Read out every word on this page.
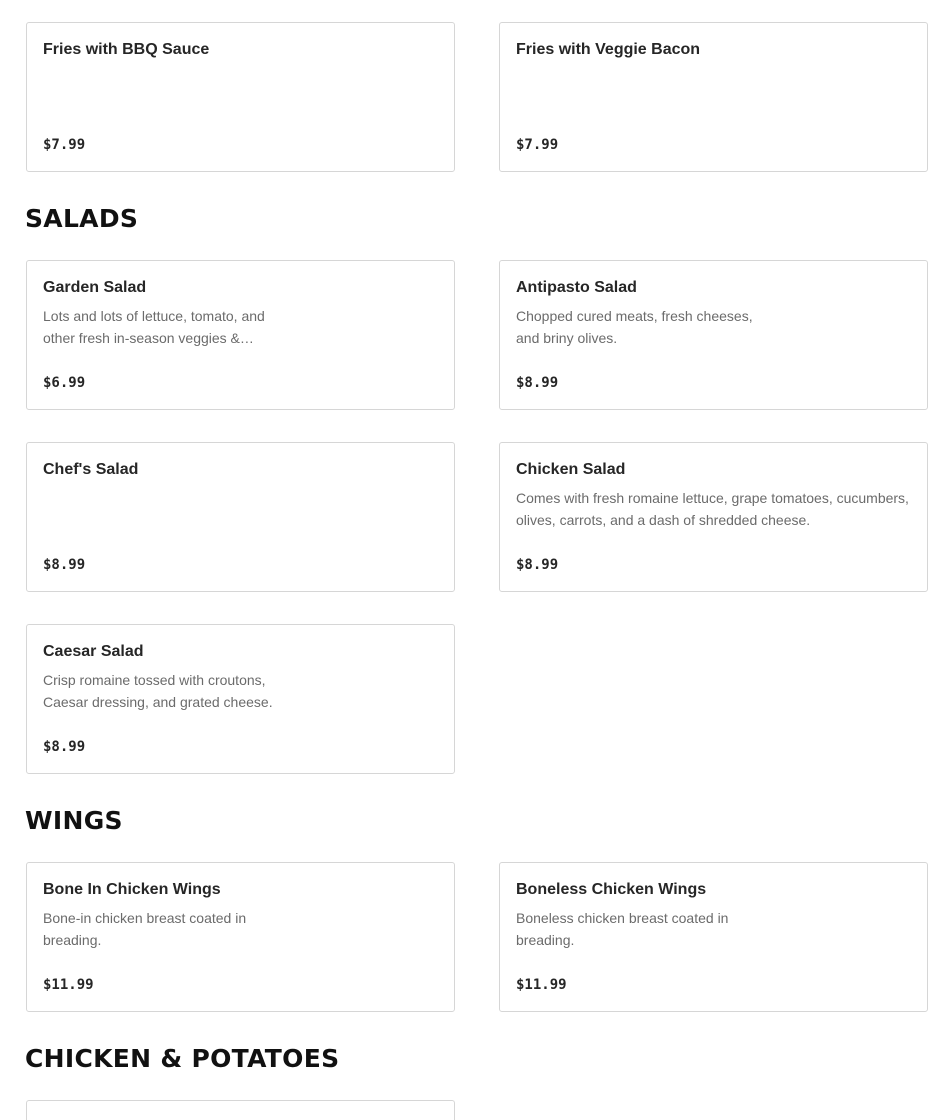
Fries with BBQ Sauce
$7.99
Fries with Veggie Bacon
$7.99
SALADS
Garden Salad
Lots and lots of lettuce, tomato, and other fresh in-season veggies &…
$6.99
Antipasto Salad
Chopped cured meats, fresh cheeses, and briny olives.
$8.99
Chef's Salad
$8.99
Chicken Salad
Comes with fresh romaine lettuce, grape tomatoes, cucumbers, olives, carrots, and a dash of shredded cheese.
$8.99
Caesar Salad
Crisp romaine tossed with croutons, Caesar dressing, and grated cheese.
$8.99
WINGS
Bone In Chicken Wings
Bone-in chicken breast coated in breading.
$11.99
Boneless Chicken Wings
Boneless chicken breast coated in breading.
$11.99
CHICKEN & POTATOES
